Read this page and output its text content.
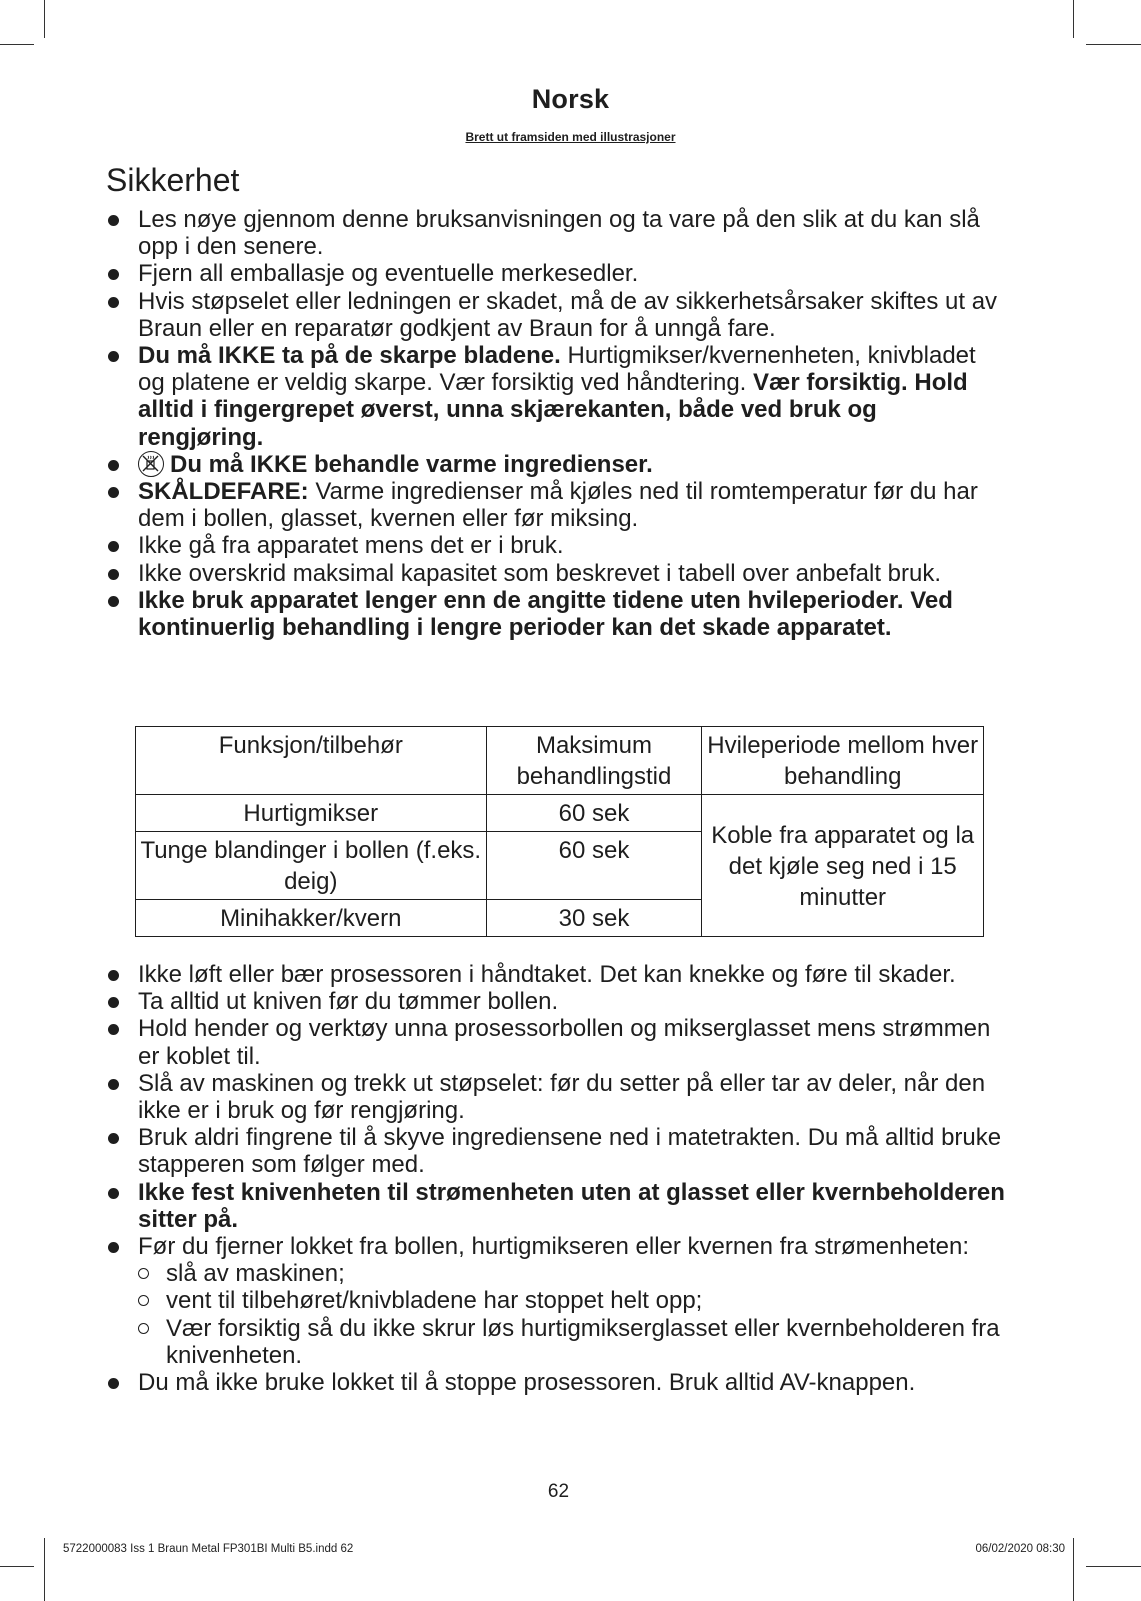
Norsk
Brett ut framsiden med illustrasjoner
Sikkerhet
Les nøye gjennom denne bruksanvisningen og ta vare på den slik at du kan slå opp i den senere.
Fjern all emballasje og eventuelle merkesedler.
Hvis støpselet eller ledningen er skadet, må de av sikkerhetsårsaker skiftes ut av Braun eller en reparatør godkjent av Braun for å unngå fare.
Du må IKKE ta på de skarpe bladene. Hurtigmikser/kvernenheten, knivbladet og platene er veldig skarpe. Vær forsiktig ved håndtering. Vær forsiktig. Hold alltid i fingergrepet øverst, unna skjærekanten, både ved bruk og rengjøring.
Du må IKKE behandle varme ingredienser.
SKÅLDEFARE: Varme ingredienser må kjøles ned til romtemperatur før du har dem i bollen, glasset, kvernen eller før miksing.
Ikke gå fra apparatet mens det er i bruk.
Ikke overskrid maksimal kapasitet som beskrevet i tabell over anbefalt bruk.
Ikke bruk apparatet lenger enn de angitte tidene uten hvileperioder. Ved kontinuerlig behandling i lengre perioder kan det skade apparatet.
Funksjon/tilbehør	Maksimum behandlingstid	Hvileperiode mellom hver behandling
Hurtigmikser	60 sek	Koble fra apparatet og la det kjøle seg ned i 15 minutter
Tunge blandinger i bollen (f.eks. deig)	60 sek	
Minihakker/kvern	30 sek	
Ikke løft eller bær prosessoren i håndtaket. Det kan knekke og føre til skader.
Ta alltid ut kniven før du tømmer bollen.
Hold hender og verktøy unna prosessorbollen og mikserglasset mens strømmen er koblet til.
Slå av maskinen og trekk ut støpselet: før du setter på eller tar av deler, når den ikke er i bruk og før rengjøring.
Bruk aldri fingrene til å skyve ingrediensene ned i matetrakten. Du må alltid bruke stapperen som følger med.
Ikke fest knivenheten til strømenheten uten at glasset eller kvernbeholderen sitter på.
Før du fjerner lokket fra bollen, hurtigmikseren eller kvernen fra strømenheten:
slå av maskinen;
vent til tilbehøret/knivbladene har stoppet helt opp;
Vær forsiktig så du ikke skrur løs hurtigmikserglasset eller kvernbeholderen fra knivenheten.
Du må ikke bruke lokket til å stoppe prosessoren. Bruk alltid AV-knappen.
62
5722000083 Iss 1 Braun Metal FP301BI Multi B5.indd 62	06/02/2020 08:30
